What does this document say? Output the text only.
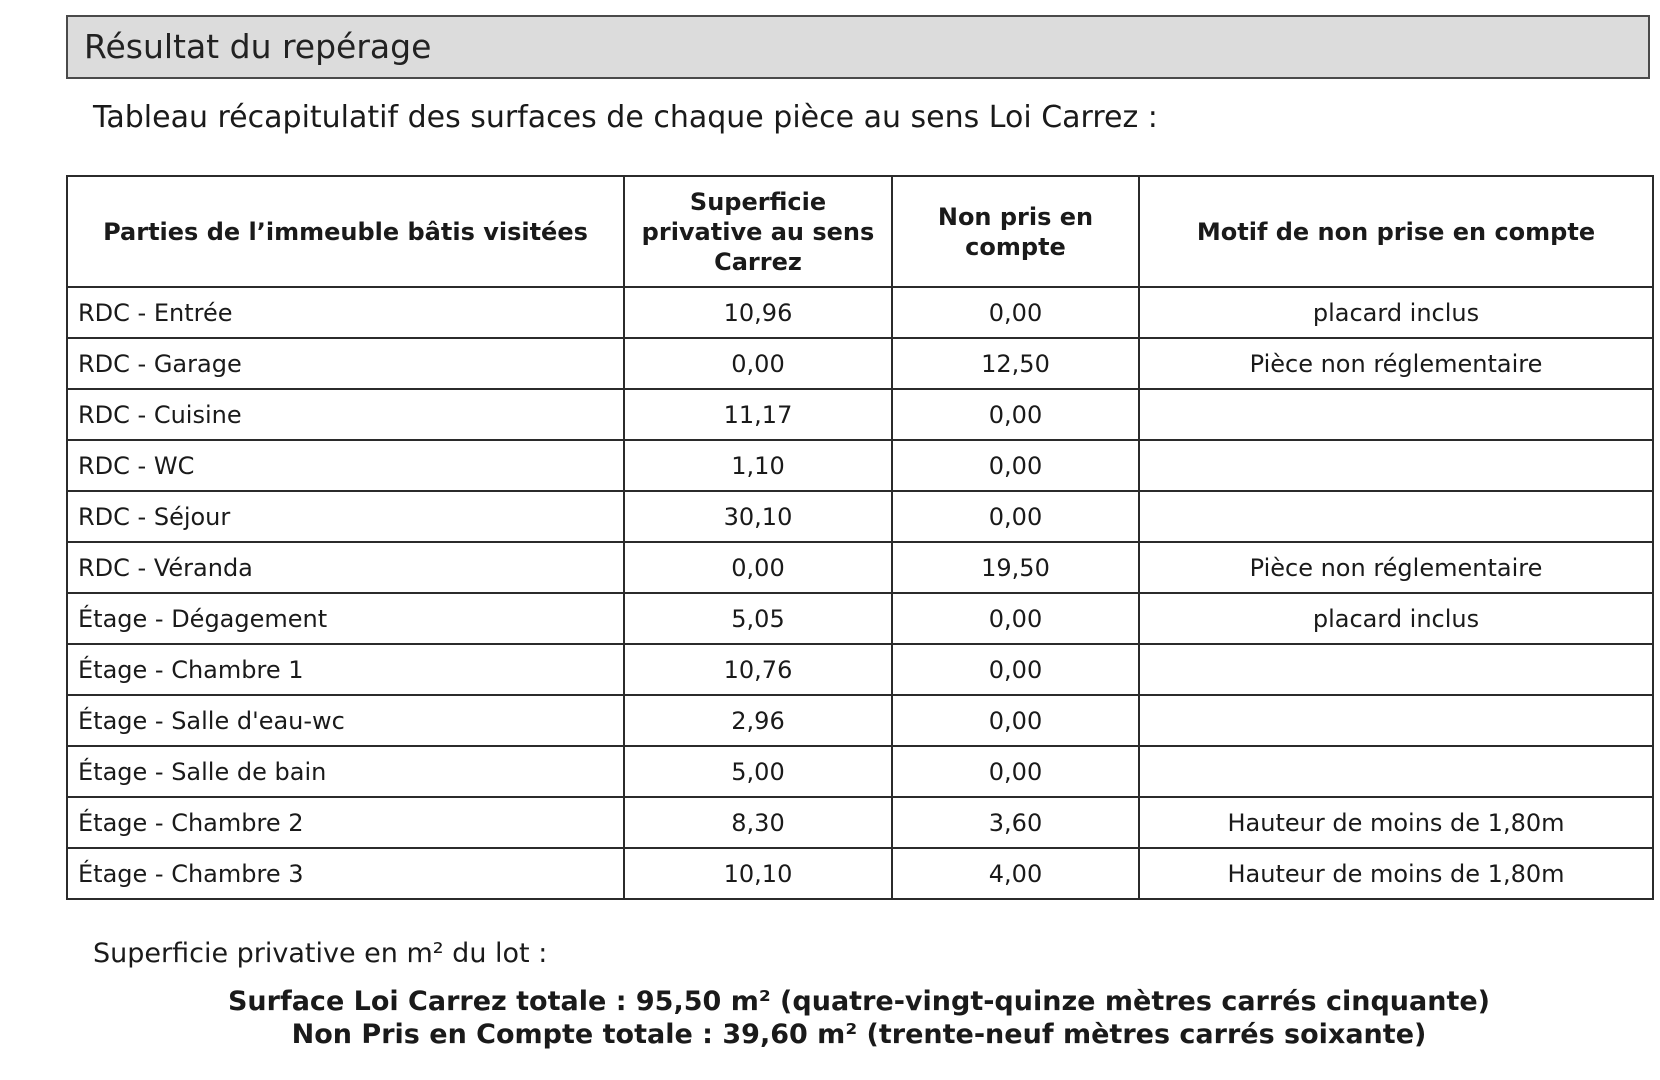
Résultat du repérage
Tableau récapitulatif des surfaces de chaque pièce au sens Loi Carrez :
Parties de l’immeuble bâtis visitées	Superficie privative au sens Carrez	Non pris en compte	Motif de non prise en compte
RDC - Entrée	10,96	0,00	placard inclus
RDC - Garage	0,00	12,50	Pièce non réglementaire
RDC - Cuisine	11,17	0,00	
RDC - WC	1,10	0,00	
RDC - Séjour	30,10	0,00	
RDC - Véranda	0,00	19,50	Pièce non réglementaire
Étage - Dégagement	5,05	0,00	placard inclus
Étage - Chambre 1	10,76	0,00	
Étage - Salle d'eau-wc	2,96	0,00	
Étage - Salle de bain	5,00	0,00	
Étage - Chambre 2	8,30	3,60	Hauteur de moins de 1,80m
Étage - Chambre 3	10,10	4,00	Hauteur de moins de 1,80m
Superficie privative en m² du lot :
Surface Loi Carrez totale : 95,50 m² (quatre-vingt-quinze mètres carrés cinquante)
Non Pris en Compte totale : 39,60 m² (trente-neuf mètres carrés soixante)
